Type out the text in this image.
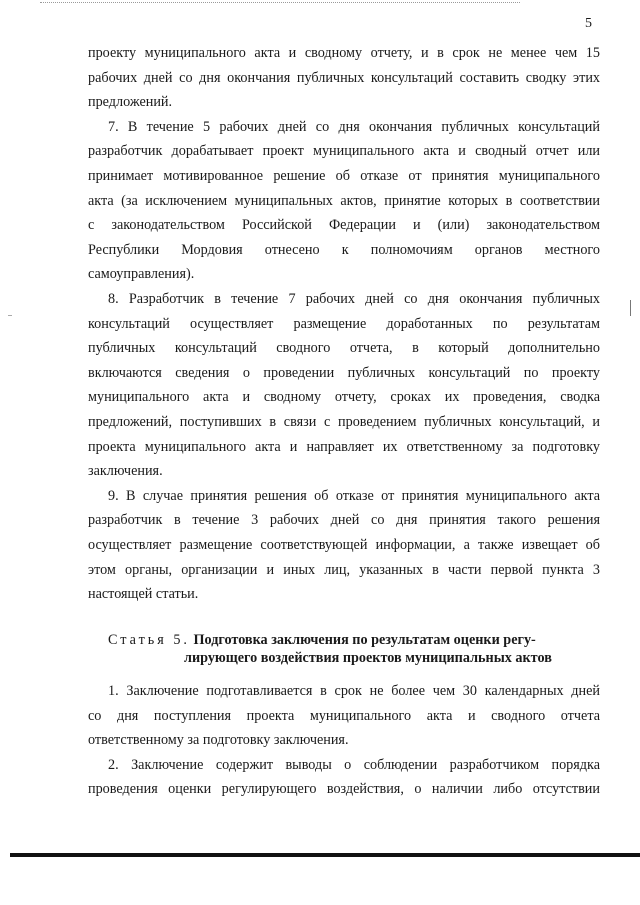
5
проекту муниципального акта и сводному отчету, и в срок не менее чем 15
рабочих дней со дня окончания публичных консультаций составить сводку этих
предложений.
7. В течение 5 рабочих дней со дня окончания публичных консультаций
разработчик дорабатывает проект муниципального акта и сводный отчет или
принимает мотивированное решение об отказе от принятия муниципального
акта (за исключением муниципальных актов, принятие которых в соответствии
с законодательством Российской Федерации и (или) законодательством
Республики Мордовия отнесено к полномочиям органов местного
самоуправления).
8. Разработчик в течение 7 рабочих дней со дня окончания публичных
консультаций осуществляет размещение доработанных по результатам
публичных консультаций сводного отчета, в который дополнительно
включаются сведения о проведении публичных консультаций по проекту
муниципального акта и сводному отчету, сроках их проведения, сводка
предложений, поступивших в связи с проведением публичных консультаций, и
проекта муниципального акта и направляет их ответственному за подготовку
заключения.
9. В случае принятия решения об отказе от принятия муниципального акта
разработчик в течение 3 рабочих дней со дня принятия такого решения
осуществляет размещение соответствующей информации, а также извещает об
этом органы, организации и иных лиц, указанных в части первой пункта 3
настоящей статьи.
1. Заключение подготавливается в срок не более чем 30 календарных дней
со дня поступления проекта муниципального акта и сводного отчета
ответственному за подготовку заключения.
2. Заключение содержит выводы о соблюдении разработчиком порядка
проведения оценки регулирующего воздействия, о наличии либо отсутствии
Статья 5. Подготовка заключения по результатам оценки регу-
лирующего воздействия проектов муниципальных актов
